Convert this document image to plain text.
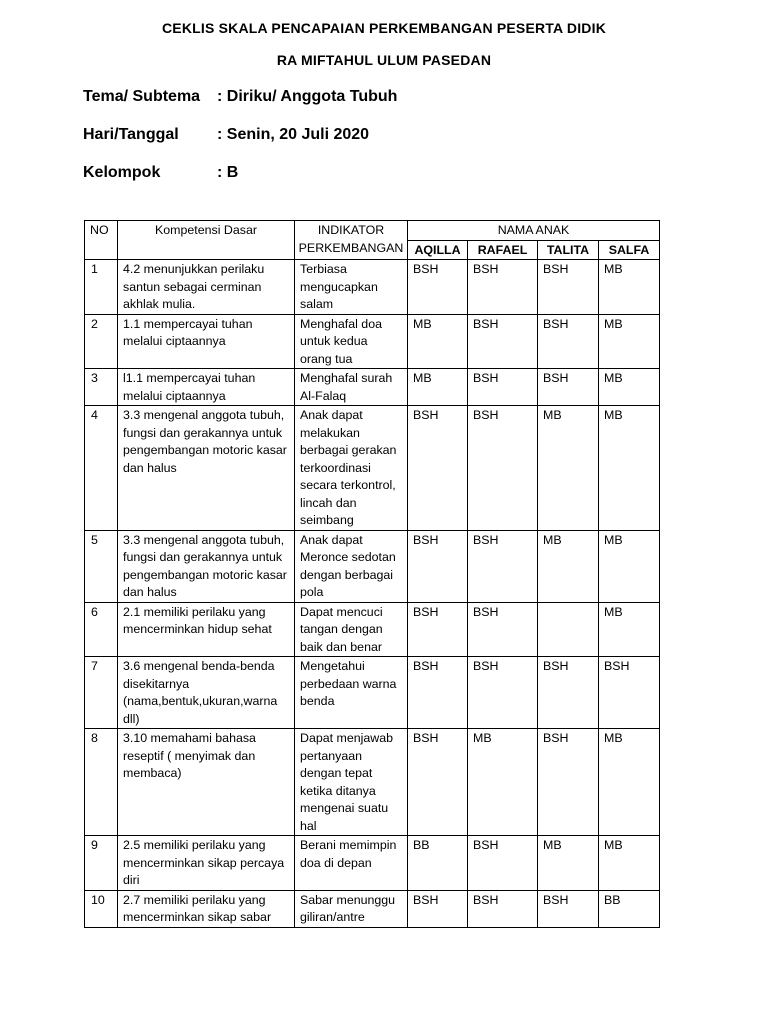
CEKLIS SKALA PENCAPAIAN PERKEMBANGAN PESERTA DIDIK
RA MIFTAHUL ULUM PASEDAN
Tema/ Subtema : Diriku/ Anggota Tubuh
Hari/Tanggal : Senin, 20 Juli 2020
Kelompok	: B
NO	Kompetensi Dasar	INDIKATOR PERKEMBANGAN	NAMA ANAK			
			AQILLA	RAFAEL	TALITA	SALFA
1	4.2 menunjukkan perilaku santun sebagai cerminan akhlak mulia.	Terbiasa mengucapkan salam	BSH	BSH	BSH	MB
2	1.1 mempercayai tuhan melalui ciptaannya	Menghafal doa untuk kedua orang tua	MB	BSH	BSH	MB
3	l1.1 mempercayai tuhan melalui ciptaannya	Menghafal surah Al-Falaq	MB	BSH	BSH	MB
4	3.3 mengenal anggota tubuh, fungsi dan gerakannya untuk pengembangan motoric kasar dan halus	Anak dapat melakukan berbagai gerakan terkoordinasi secara terkontrol, lincah dan seimbang	BSH	BSH	MB	MB
5	3.3 mengenal anggota tubuh, fungsi dan gerakannya untuk pengembangan motoric kasar dan halus	Anak dapat Meronce sedotan dengan berbagai pola	BSH	BSH	MB	MB
6	2.1 memiliki perilaku yang mencerminkan hidup sehat	Dapat mencuci tangan dengan baik dan benar	BSH	BSH		MB
7	3.6 mengenal benda-benda disekitarnya (nama,bentuk,ukuran,warna dll)	Mengetahui perbedaan warna benda	BSH	BSH	BSH	BSH
8	3.10 memahami bahasa reseptif ( menyimak dan membaca)	Dapat menjawab pertanyaan dengan tepat ketika ditanya mengenai suatu hal	BSH	MB	BSH	MB
9	2.5 memiliki perilaku yang mencerminkan sikap percaya diri	Berani memimpin doa di depan	BB	BSH	MB	MB
10	2.7 memiliki perilaku yang mencerminkan sikap sabar	Sabar menunggu giliran/antre	BSH	BSH	BSH	BB
